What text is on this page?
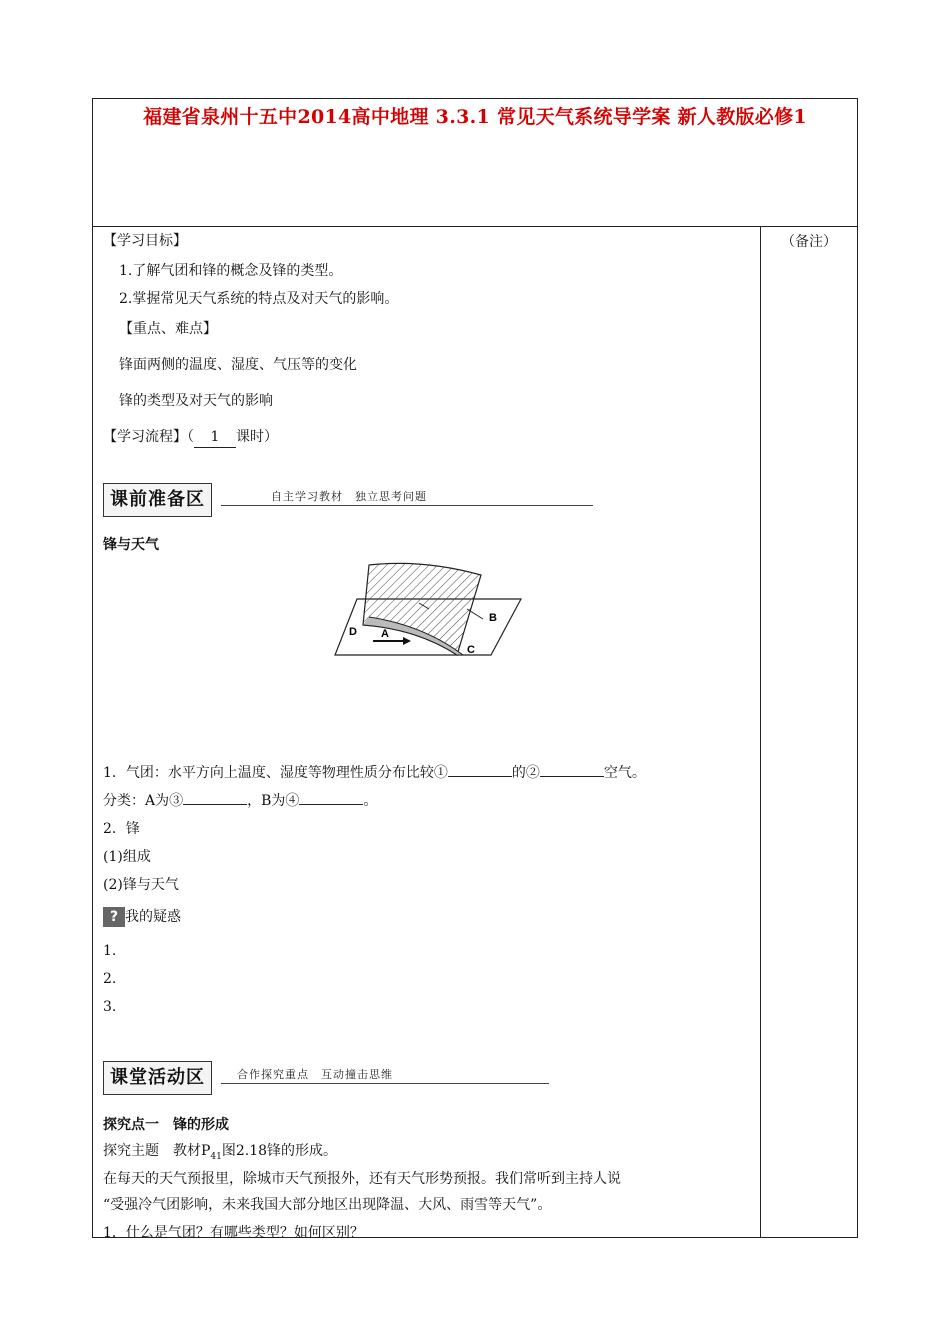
福建省泉州十五中2014高中地理 3.3.1 常见天气系统导学案 新人教版必修1
【学习目标】
1.了解气团和锋的概念及锋的类型。
2.掌握常见天气系统的特点及对天气的影响。
【重点、难点】
锋面两侧的温度、湿度、气压等的变化
锋的类型及对天气的影响
【学习流程】（ 1 课时）
课前准备区	自主学习教材　独立思考问题
锋与天气
A
B
C
D
1．气团：水平方向上温度、湿度等物理性质分布比较①	的②	空气。
分类：A为③	，B为④	。
2．锋
(1)组成
(2)锋与天气
? 我的疑惑
1.
2.
3.
课堂活动区	合作探究重点　互动撞击思维
探究点一　锋的形成
探究主题　教材$P_{41}$图2.18锋的形成。
在每天的天气预报里，除城市天气预报外，还有天气形势预报。我们常听到主持人说
“受强冷气团影响，未来我国大部分地区出现降温、大风、雨雪等天气”。
1．什么是气团？有哪些类型？如何区别？
（备注）
